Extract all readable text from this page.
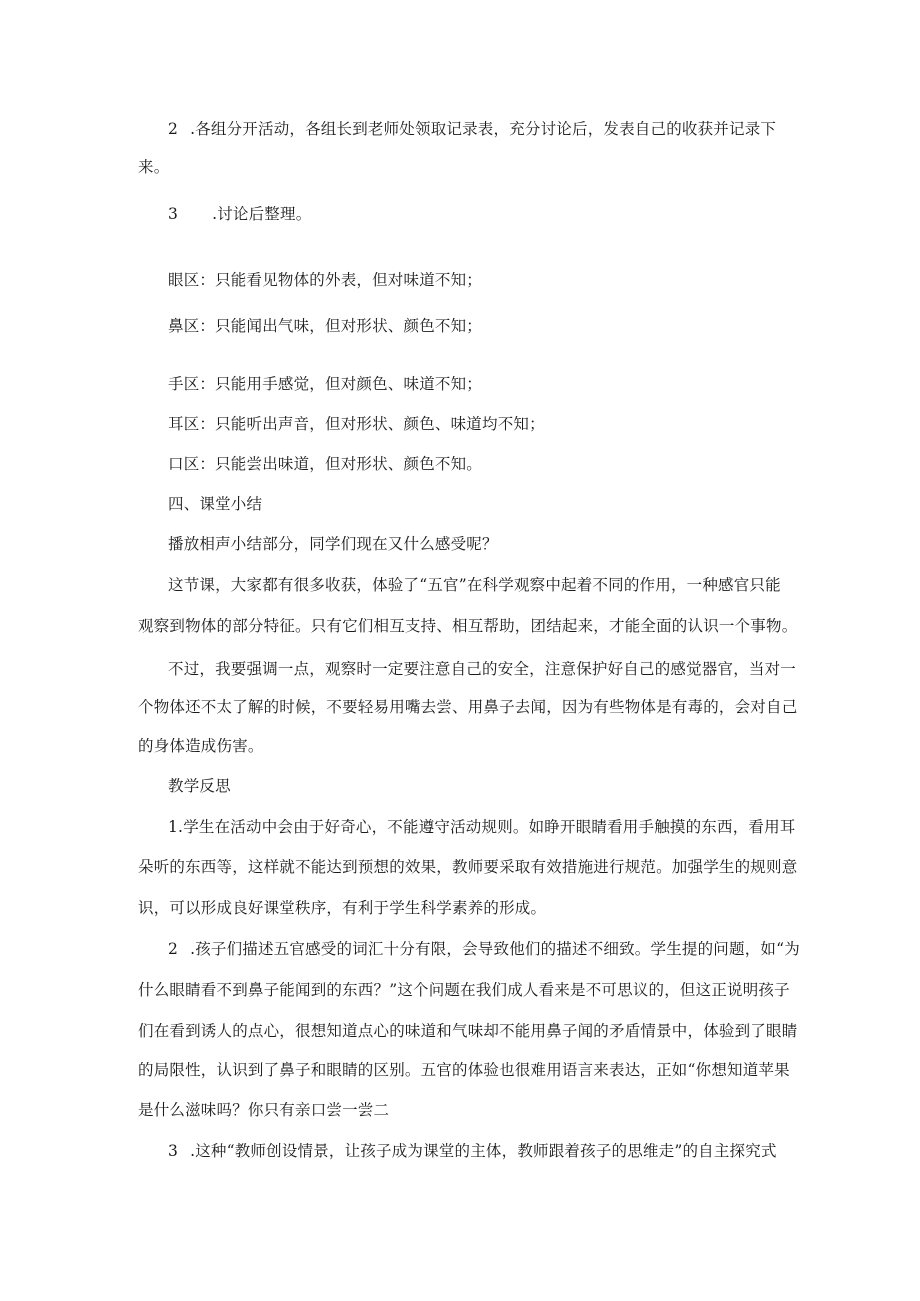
2 .各组分开活动，各组长到老师处领取记录表，充分讨论后，发表自己的收获并记录下
来。
3 .讨论后整理。
眼区：只能看见物体的外表，但对味道不知；
鼻区：只能闻出气味，但对形状、颜色不知；
手区：只能用手感觉，但对颜色、味道不知；
耳区：只能听出声音，但对形状、颜色、味道均不知；
口区：只能尝出味道，但对形状、颜色不知。
四、课堂小结
播放相声小结部分，同学们现在又什么感受呢？
这节课，大家都有很多收获，体验了“五官”在科学观察中起着不同的作用，一种感官只能
观察到物体的部分特征。只有它们相互支持、相互帮助，团结起来，才能全面的认识一个事物。
不过，我要强调一点，观察时一定要注意自己的安全，注意保护好自己的感觉器官，当对一
个物体还不太了解的时候，不要轻易用嘴去尝、用鼻子去闻，因为有些物体是有毒的，会对自己
的身体造成伤害。
教学反思
1.学生在活动中会由于好奇心，不能遵守活动规则。如睁开眼睛看用手触摸的东西，看用耳
朵听的东西等，这样就不能达到预想的效果，教师要采取有效措施进行规范。加强学生的规则意
识，可以形成良好课堂秩序，有利于学生科学素养的形成。
2 .孩子们描述五官感受的词汇十分有限，会导致他们的描述不细致。学生提的问题，如“为
什么眼睛看不到鼻子能闻到的东西？”这个问题在我们成人看来是不可思议的，但这正说明孩子
们在看到诱人的点心，很想知道点心的味道和气味却不能用鼻子闻的矛盾情景中，体验到了眼睛
的局限性，认识到了鼻子和眼睛的区别。五官的体验也很难用语言来表达，正如“你想知道苹果
是什么滋味吗？你只有亲口尝一尝二
3 .这种“教师创设情景，让孩子成为课堂的主体，教师跟着孩子的思维走”的自主探究式
